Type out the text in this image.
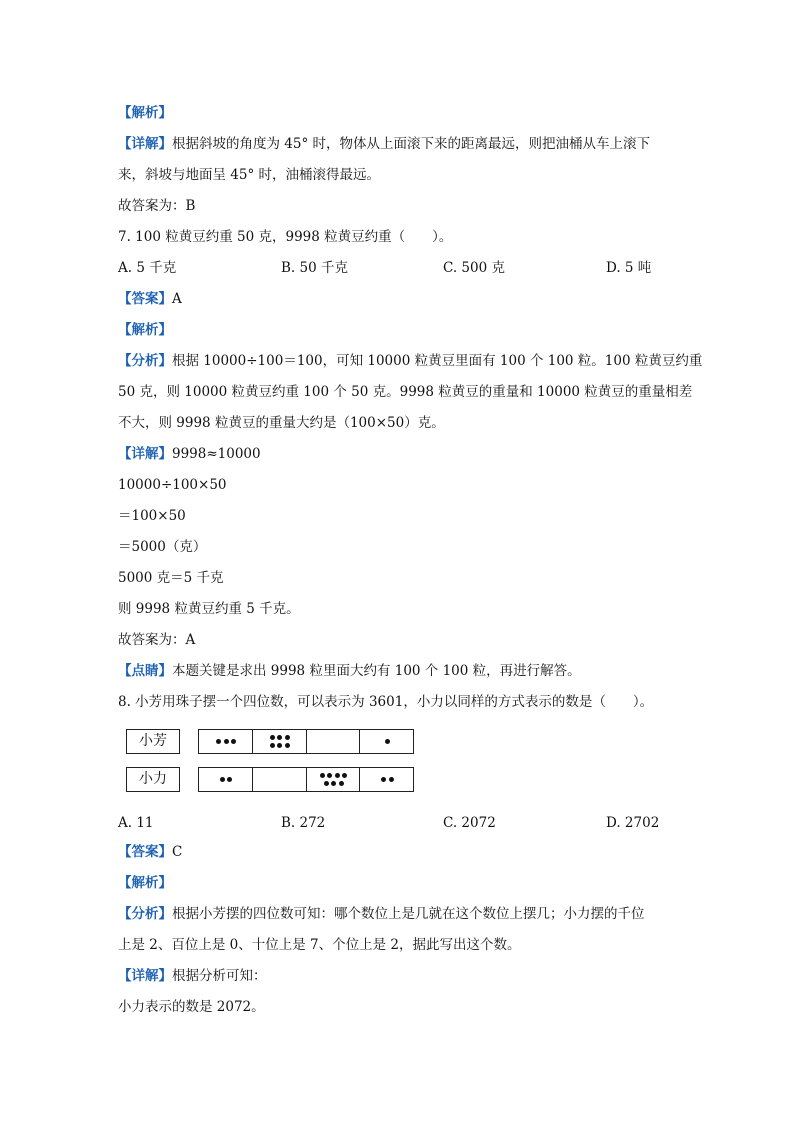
【解析】
【详解】根据斜坡的角度为 45° 时，物体从上面滚下来的距离最远，则把油桶从车上滚下
来，斜坡与地面呈 45° 时，油桶滚得最远。
故答案为：B
7. 100 粒黄豆约重 50 克，9998 粒黄豆约重（　　）。
A. 5 千克	B. 50 千克	C. 500 克	D. 5 吨
【答案】A
【解析】
【分析】根据 10000÷100＝100，可知 10000 粒黄豆里面有 100 个 100 粒。100 粒黄豆约重
50 克，则 10000 粒黄豆约重 100 个 50 克。9998 粒黄豆的重量和 10000 粒黄豆的重量相差
不大，则 9998 粒黄豆的重量大约是（100×50）克。
【详解】9998≈10000
10000÷100×50
＝100×50
＝5000（克）
5000 克＝5 千克
则 9998 粒黄豆约重 5 千克。
故答案为：A
【点睛】本题关键是求出 9998 粒里面大约有 100 个 100 粒，再进行解答。
8. 小芳用珠子摆一个四位数，可以表示为 3601，小力以同样的方式表示的数是（　　）。
小芳
小力
A. 11	B. 272	C. 2072	D. 2702
【答案】C
【解析】
【分析】根据小芳摆的四位数可知：哪个数位上是几就在这个数位上摆几；小力摆的千位
上是 2、百位上是 0、十位上是 7、个位上是 2，据此写出这个数。
【详解】根据分析可知：
小力表示的数是 2072。
